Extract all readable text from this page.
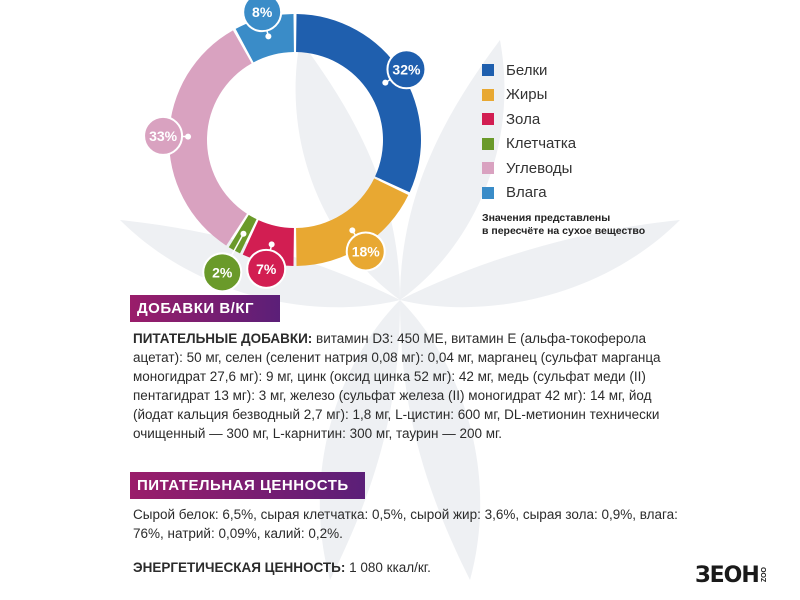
32%
18%
7%
2%
33%
8%
Белки
Жиры
Зола
Клетчатка
Углеводы
Влага
Значения представлены
в пересчёте на сухое вещество
ДОБАВКИ В/КГ
ПИТАТЕЛЬНЫЕ ДОБАВКИ: витамин D3: 450 МЕ, витамин Е (альфа-токоферола ацетат): 50 мг, селен (селенит натрия 0,08 мг): 0,04 мг, марганец (сульфат марганца моногидрат 27,6 мг): 9 мг, цинк (оксид цинка 52 мг): 42 мг, медь (сульфат меди (II) пентагидрат 13 мг): 3 мг, железо (сульфат железа (II) моногидрат 42 мг): 14 мг, йод (йодат кальция безводный 2,7 мг): 1,8 мг, L-цистин: 600 мг, DL-метионин технически очищенный — 300 мг, L-карнитин: 300 мг, таурин — 200 мг.
ПИТАТЕЛЬНАЯ ЦЕННОСТЬ
Сырой белок: 6,5%, сырая клетчатка: 0,5%, сырой жир: 3,6%, сырая зола: 0,9%, влага: 76%, натрий: 0,09%, калий: 0,2%.
ЭНЕРГЕТИЧЕСКАЯ ЦЕННОСТЬ: 1 080 ккал/кг.	ЗЕОН ZOO
